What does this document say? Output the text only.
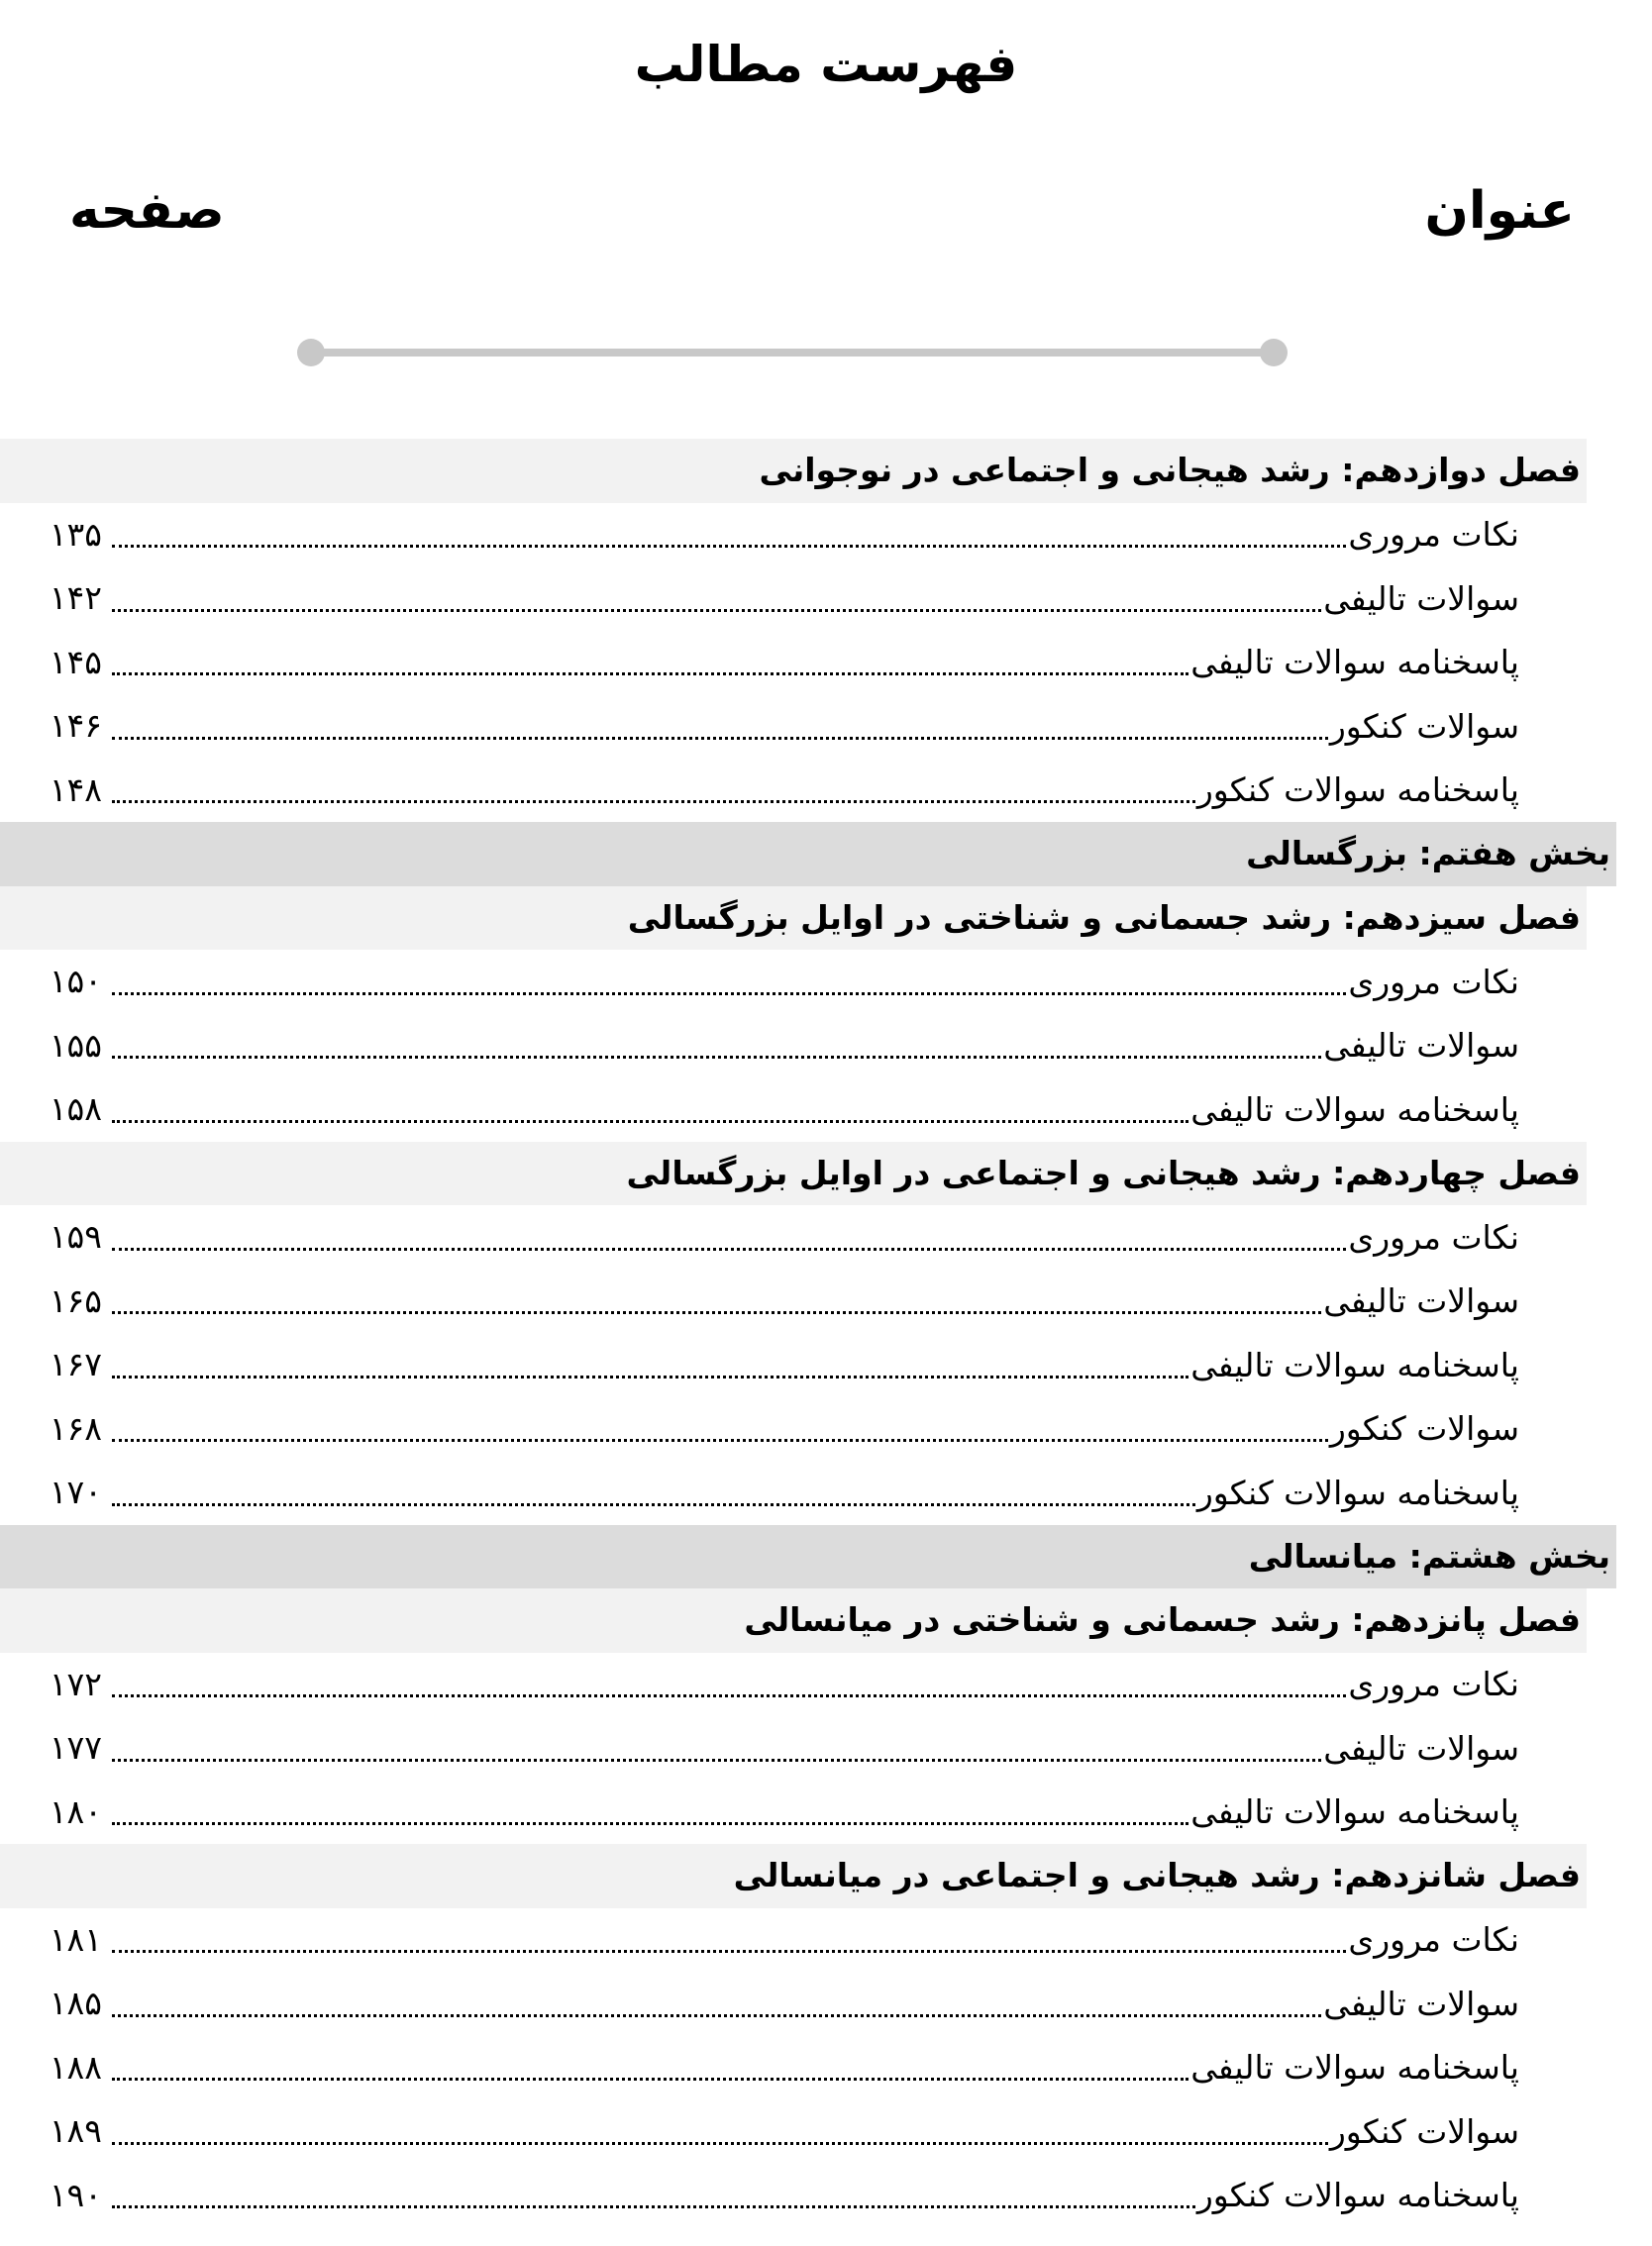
فهرست مطالب
عنوان
صفحه
فصل دوازدهم: رشد هیجانی و اجتماعی در نوجوانی
نکات مروری
۱۳۵
سوالات تالیفی
۱۴۲
پاسخنامه سوالات تالیفی
۱۴۵
سوالات کنکور
۱۴۶
پاسخنامه سوالات کنکور
۱۴۸
بخش هفتم: بزرگسالی
فصل سیزدهم: رشد جسمانی و شناختی در اوایل بزرگسالی
نکات مروری
۱۵۰
سوالات تالیفی
۱۵۵
پاسخنامه سوالات تالیفی
۱۵۸
فصل چهاردهم: رشد هیجانی و اجتماعی در اوایل بزرگسالی
نکات مروری
۱۵۹
سوالات تالیفی
۱۶۵
پاسخنامه سوالات تالیفی
۱۶۷
سوالات کنکور
۱۶۸
پاسخنامه سوالات کنکور
۱۷۰
بخش هشتم: میانسالی
فصل پانزدهم: رشد جسمانی و شناختی در میانسالی
نکات مروری
۱۷۲
سوالات تالیفی
۱۷۷
پاسخنامه سوالات تالیفی
۱۸۰
فصل شانزدهم: رشد هیجانی و اجتماعی در میانسالی
نکات مروری
۱۸۱
سوالات تالیفی
۱۸۵
پاسخنامه سوالات تالیفی
۱۸۸
سوالات کنکور
۱۸۹
پاسخنامه سوالات کنکور
۱۹۰
